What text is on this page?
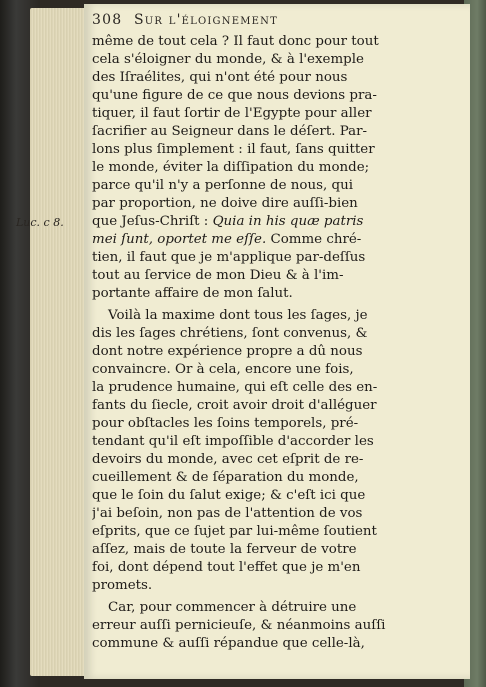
308 Sur l'éloignement
Luc. c 8.
même de tout cela ? Il faut donc pour tout
cela s'éloigner du monde, & à l'exemple
des Iſraélites, qui n'ont été pour nous
qu'une figure de ce que nous devions pra-
tiquer, il faut ſortir de l'Egypte pour aller
ſacrifier au Seigneur dans le déſert. Par-
lons plus ſimplement : il faut, ſans quitter
le monde, éviter la diſſipation du monde;
parce qu'il n'y a perſonne de nous, qui
par proportion, ne doive dire auſſi-bien
que Jeſus-Chriſt : Quia in his quæ patris
mei ſunt, oportet me eſſe. Comme chré-
tien, il faut que je m'applique par-deſſus
tout au ſervice de mon Dieu & à l'im-
portante affaire de mon ſalut.
Voilà la maxime dont tous les ſages, je
dis les ſages chrétiens, ſont convenus, &
dont notre expérience propre a dû nous
convaincre. Or à cela, encore une fois,
la prudence humaine, qui eſt celle des en-
fants du ſiecle, croit avoir droit d'alléguer
pour obſtacles les ſoins temporels, pré-
tendant qu'il eſt impoſſible d'accorder les
devoirs du monde, avec cet eſprit de re-
cueillement & de ſéparation du monde,
que le ſoin du ſalut exige; & c'eſt ici que
j'ai beſoin, non pas de l'attention de vos
eſprits, que ce ſujet par lui-même ſoutient
aſſez, mais de toute la ferveur de votre
foi, dont dépend tout l'effet que je m'en
promets.
Car, pour commencer à détruire une
erreur auſſi pernicieuſe, & néanmoins auſſi
commune & auſſi répandue que celle-là,
